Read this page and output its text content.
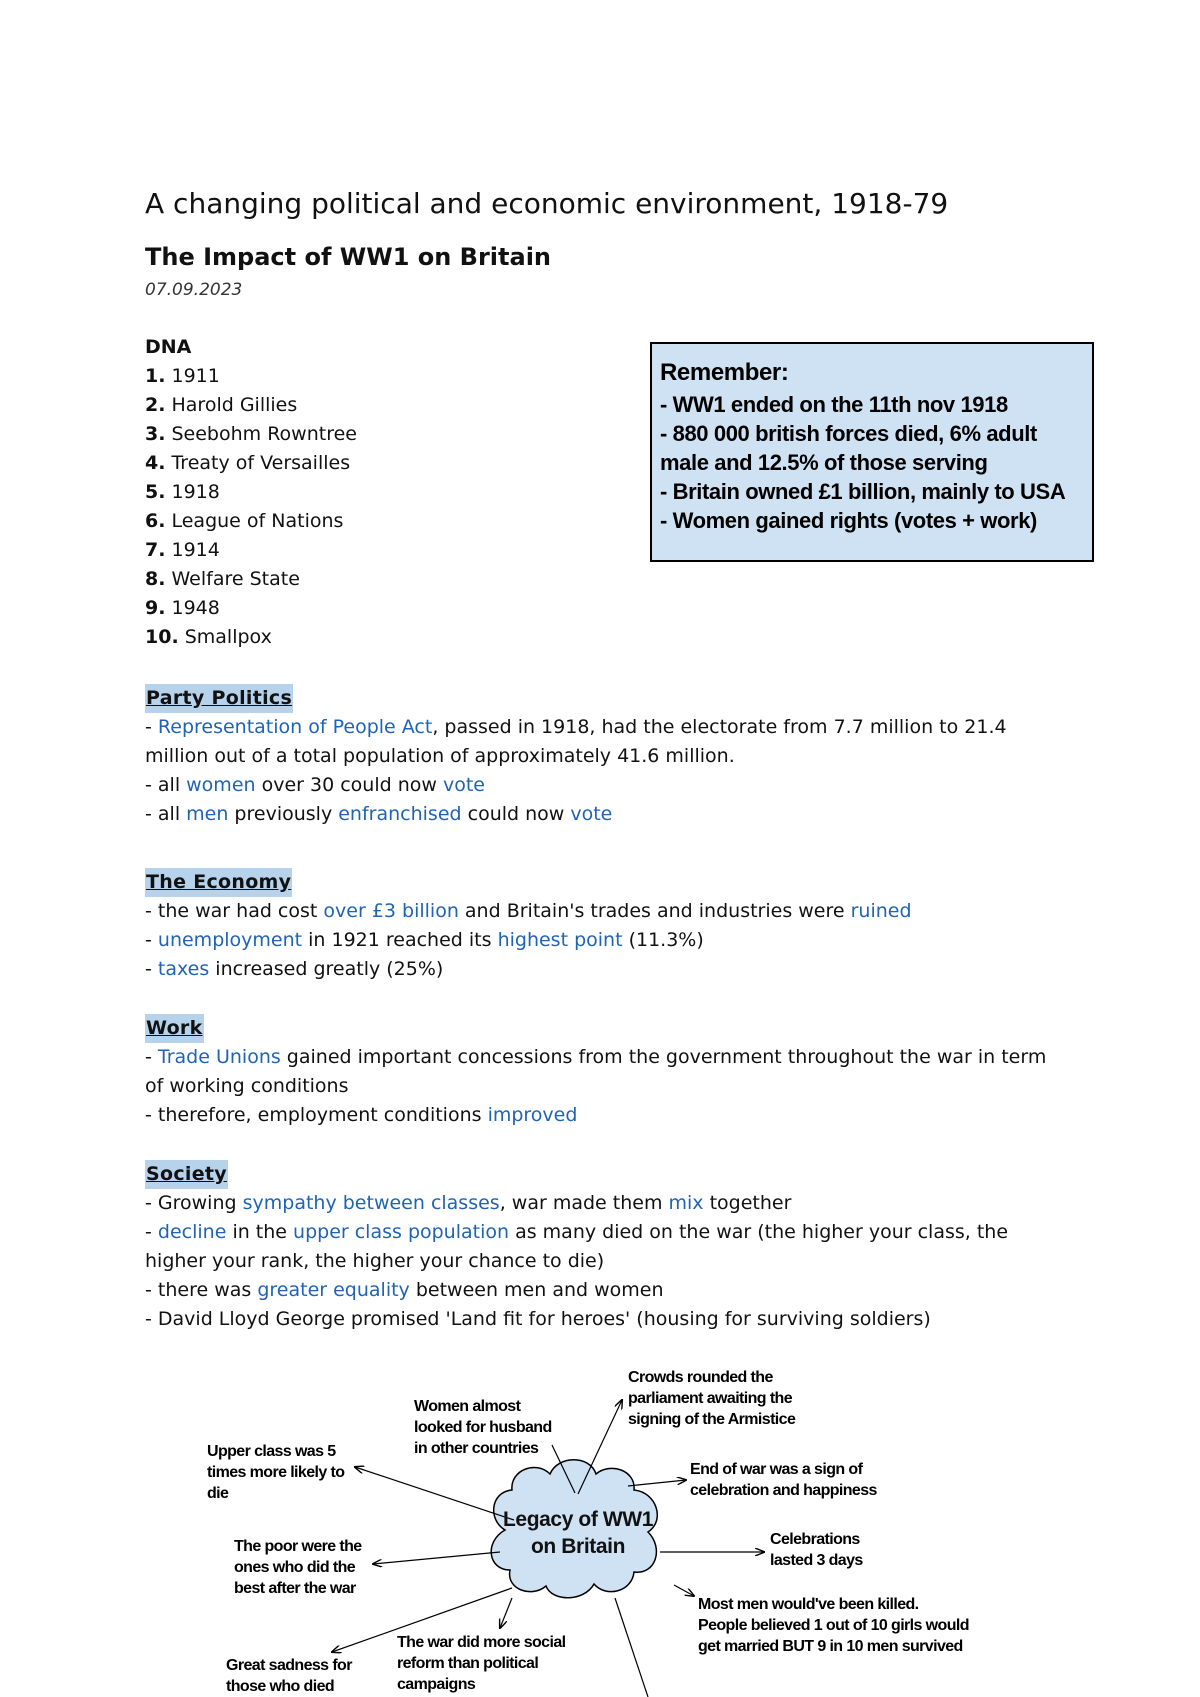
A changing political and economic environment, 1918-79
The Impact of WW1 on Britain
07.09.2023
DNA
1. 1911
2. Harold Gillies
3. Seebohm Rowntree
4. Treaty of Versailles
5. 1918
6. League of Nations
7. 1914
8. Welfare State
9. 1948
10. Smallpox
Remember:
- WW1 ended on the 11th nov 1918
- 880 000 british forces died, 6% adult male and 12.5% of those serving
- Britain owned £1 billion, mainly to USA
- Women gained rights (votes + work)
Party Politics
- Representation of People Act, passed in 1918, had the electorate from 7.7 million to 21.4 million out of a total population of approximately 41.6 million.
- all women over 30 could now vote
- all men previously enfranchised could now vote
The Economy
- the war had cost over £3 billion and Britain's trades and industries were ruined
- unemployment in 1921 reached its highest point (11.3%)
- taxes increased greatly (25%)
Work
- Trade Unions gained important concessions from the government throughout the war in term of working conditions
- therefore, employment conditions improved
Society
- Growing sympathy between classes, war made them mix together
- decline in the upper class population as many died on the war (the higher your class, the higher your rank, the higher your chance to die)
- there was greater equality between men and women
- David Lloyd George promised 'Land fit for heroes' (housing for surviving soldiers)
Legacy of WW1 on Britain
Crowds rounded the parliament awaiting the signing of the Armistice
Women almost looked for husband in other countries
Upper class was 5 times more likely to die
End of war was a sign of celebration and happiness
Celebrations lasted 3 days
The poor were the ones who did the best after the war
Most men would've been killed. People believed 1 out of 10 girls would get married BUT 9 in 10 men survived
The war did more social reform than political campaigns
Great sadness for those who died
